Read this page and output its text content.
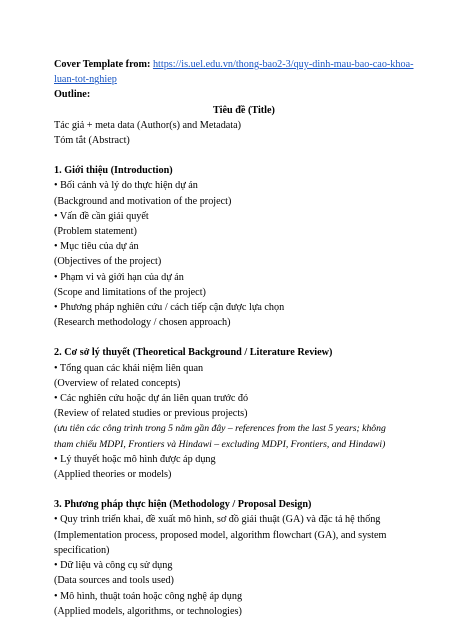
Cover Template from: https://is.uel.edu.vn/thong-bao2-3/quy-dinh-mau-bao-cao-khoa-
luan-tot-nghiep
Outline:
Tiêu đề (Title)
Tác giả + meta data (Author(s) and Metadata)
Tóm tắt (Abstract)
1. Giới thiệu (Introduction)
• Bối cảnh và lý do thực hiện dự án
(Background and motivation of the project)
• Vấn đề cần giải quyết
(Problem statement)
• Mục tiêu của dự án
(Objectives of the project)
• Phạm vi và giới hạn của dự án
(Scope and limitations of the project)
• Phương pháp nghiên cứu / cách tiếp cận được lựa chọn
(Research methodology / chosen approach)
2. Cơ sở lý thuyết (Theoretical Background / Literature Review)
• Tổng quan các khái niệm liên quan
(Overview of related concepts)
• Các nghiên cứu hoặc dự án liên quan trước đó
(Review of related studies or previous projects)
(ưu tiên các công trình trong 5 năm gần đây – references from the last 5 years; không
tham chiếu MDPI, Frontiers và Hindawi – excluding MDPI, Frontiers, and Hindawi)
• Lý thuyết hoặc mô hình được áp dụng
(Applied theories or models)
3. Phương pháp thực hiện (Methodology / Proposal Design)
• Quy trình triển khai, đề xuất mô hình, sơ đồ giải thuật (GA) và đặc tả hệ thống
(Implementation process, proposed model, algorithm flowchart (GA), and system
specification)
• Dữ liệu và công cụ sử dụng
(Data sources and tools used)
• Mô hình, thuật toán hoặc công nghệ áp dụng
(Applied models, algorithms, or technologies)
